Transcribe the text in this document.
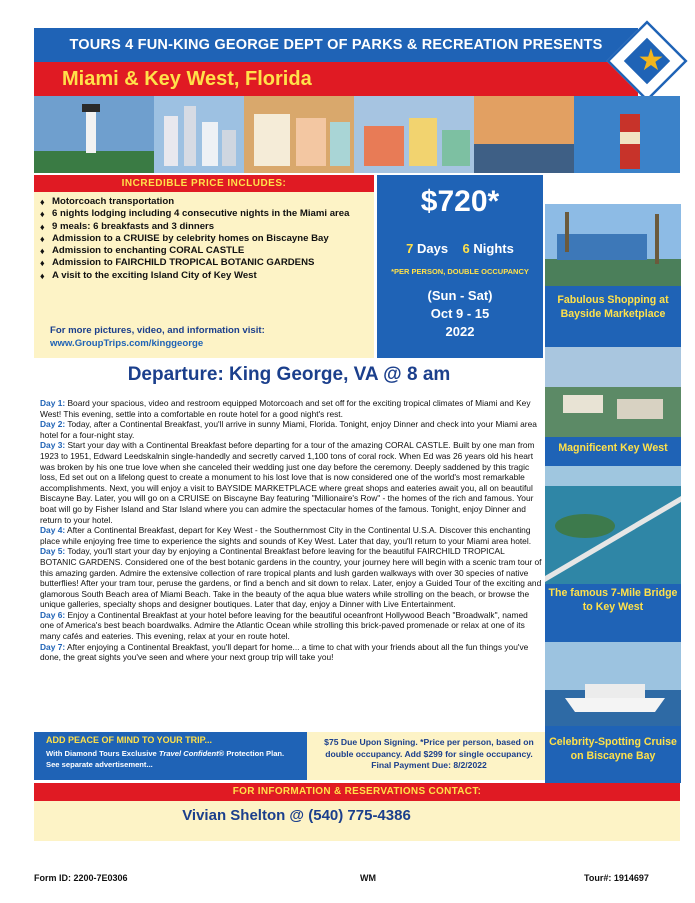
TOURS 4 FUN-KING GEORGE DEPT OF PARKS & RECREATION PRESENTS
Miami & Key West, Florida
★
INCREDIBLE PRICE INCLUDES:
♦ Motorcoach transportation
♦ 6 nights lodging including 4 consecutive nights in the Miami area
♦ 9 meals: 6 breakfasts and 3 dinners
♦ Admission to a CRUISE by celebrity homes on Biscayne Bay
♦ Admission to enchanting CORAL CASTLE
♦ Admission to FAIRCHILD TROPICAL BOTANIC GARDENS
♦ A visit to the exciting Island City of Key West
For more pictures, video, and information visit:
www.GroupTrips.com/kinggeorge
$720*
7 Days 6 Nights
*PER PERSON, DOUBLE OCCUPANCY
(Sun - Sat)
Oct 9 - 15
2022
Fabulous Shopping at Bayside Marketplace
Magnificent Key West
The famous 7-Mile Bridge to Key West
Celebrity-Spotting Cruise on Biscayne Bay
Departure: King George, VA @ 8 am

Day 1: Board your spacious, video and restroom equipped Motorcoach and set off for the exciting tropical climates of Miami and Key West! This evening, settle into a comfortable en route hotel for a good night's rest.

Day 2: Today, after a Continental Breakfast, you'll arrive in sunny Miami, Florida. Tonight, enjoy Dinner and check into your Miami area hotel for a four-night stay.

Day 3: Start your day with a Continental Breakfast before departing for a tour of the amazing CORAL CASTLE. Built by one man from 1923 to 1951, Edward Leedskalnin single-handedly and secretly carved 1,100 tons of coral rock. When Ed was 26 years old his heart was broken by his one true love when she canceled their wedding just one day before the ceremony. Deeply saddened by this tragic loss, Ed set out on a lifelong quest to create a monument to his lost love that is now considered one of the world's most remarkable accomplishments. Next, you will enjoy a visit to BAYSIDE MARKETPLACE where great shops and eateries await you, all on beautiful Biscayne Bay. Later, you will go on a CRUISE on Biscayne Bay featuring "Millionaire's Row" - the homes of the rich and famous. Your boat will go by Fisher Island and Star Island where you can admire the spectacular homes of the famous. Tonight, enjoy Dinner and return to your hotel.

Day 4: After a Continental Breakfast, depart for Key West - the Southernmost City in the Continental U.S.A. Discover this enchanting place while enjoying free time to experience the sights and sounds of Key West. Later that day, you'll return to your Miami area hotel.

Day 5: Today, you'll start your day by enjoying a Continental Breakfast before leaving for the beautiful FAIRCHILD TROPICAL BOTANIC GARDENS. Considered one of the best botanic gardens in the country, your journey here will begin with a scenic tram tour of this amazing garden. Admire the extensive collection of rare tropical plants and lush garden walkways with over 30 species of native butterflies! After your tram tour, peruse the gardens, or find a bench and sit down to relax. Later, enjoy a Guided Tour of the exciting and glamorous South Beach area of Miami Beach. Take in the beauty of the aqua blue waters while strolling on the beach, or browse the unique galleries, specialty shops and designer boutiques. Later that day, enjoy a Dinner with Live Entertainment.

Day 6: Enjoy a Continental Breakfast at your hotel before leaving for the beautiful oceanfront Hollywood Beach "Broadwalk", named one of America's best beach boardwalks. Admire the Atlantic Ocean while strolling this brick-paved promenade or relax at one of its many cafés and eateries. This evening, relax at your en route hotel.

Day 7: After enjoying a Continental Breakfast, you'll depart for home... a time to chat with your friends about all the fun things you've done, the great sights you've seen and where your next group trip will take you!

ADD PEACE OF MIND TO YOUR TRIP...
With Diamond Tours Exclusive Travel Confident® Protection Plan.
See separate advertisement...
$75 Due Upon Signing. *Price per person, based on double occupancy. Add $299 for single occupancy. Final Payment Due: 8/2/2022
FOR INFORMATION & RESERVATIONS CONTACT:
Vivian Shelton @ (540) 775-4386
Form ID: 2200-7E0306	WM	Tour#: 1914697
